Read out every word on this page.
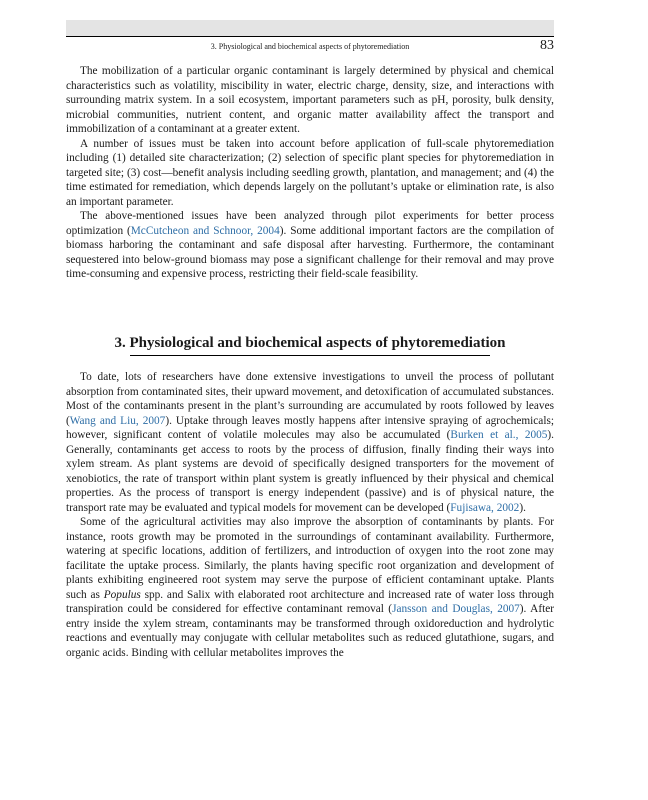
3. Physiological and biochemical aspects of phytoremediation	83

The mobilization of a particular organic contaminant is largely determined by physical and chemical characteristics such as volatility, miscibility in water, electric charge, density, size, and interactions with surrounding matrix system. In a soil ecosystem, important parameters such as pH, porosity, bulk density, microbial communities, nutrient content, and organic matter availability affect the transport and immobilization of a contaminant at a greater extent.

A number of issues must be taken into account before application of full-scale phytoremediation including (1) detailed site characterization; (2) selection of specific plant species for phytoremediation in targeted site; (3) cost—benefit analysis including seedling growth, plantation, and management; and (4) the time estimated for remediation, which depends largely on the pollutant’s uptake or elimination rate, is also an important parameter.

The above-mentioned issues have been analyzed through pilot experiments for better process optimization (McCutcheon and Schnoor, 2004). Some additional important factors are the compilation of biomass harboring the contaminant and safe disposal after harvesting. Furthermore, the contaminant sequestered into below-ground biomass may pose a significant challenge for their removal and may prove time-consuming and expensive process, restricting their field-scale feasibility.

3. Physiological and biochemical aspects of phytoremediation

To date, lots of researchers have done extensive investigations to unveil the process of pollutant absorption from contaminated sites, their upward movement, and detoxification of accumulated substances. Most of the contaminants present in the plant’s surrounding are accumulated by roots followed by leaves (Wang and Liu, 2007). Uptake through leaves mostly happens after intensive spraying of agrochemicals; however, significant content of volatile molecules may also be accumulated (Burken et al., 2005). Generally, contaminants get access to roots by the process of diffusion, finally finding their ways into xylem stream. As plant systems are devoid of specifically designed transporters for the movement of xenobiotics, the rate of transport within plant system is greatly influenced by their physical and chemical properties. As the process of transport is energy independent (passive) and is of physical nature, the transport rate may be evaluated and typical models for movement can be developed (Fujisawa, 2002).

Some of the agricultural activities may also improve the absorption of contaminants by plants. For instance, roots growth may be promoted in the surroundings of contaminant availability. Furthermore, watering at specific locations, addition of fertilizers, and introduction of oxygen into the root zone may facilitate the uptake process. Similarly, the plants having specific root organization and development of plants exhibiting engineered root system may serve the purpose of efficient contaminant uptake. Plants such as Populus spp. and Salix with elaborated root architecture and increased rate of water loss through transpiration could be considered for effective contaminant removal (Jansson and Douglas, 2007). After entry inside the xylem stream, contaminants may be transformed through oxidoreduction and hydrolytic reactions and eventually may conjugate with cellular metabolites such as reduced glutathione, sugars, and organic acids. Binding with cellular metabolites improves the
